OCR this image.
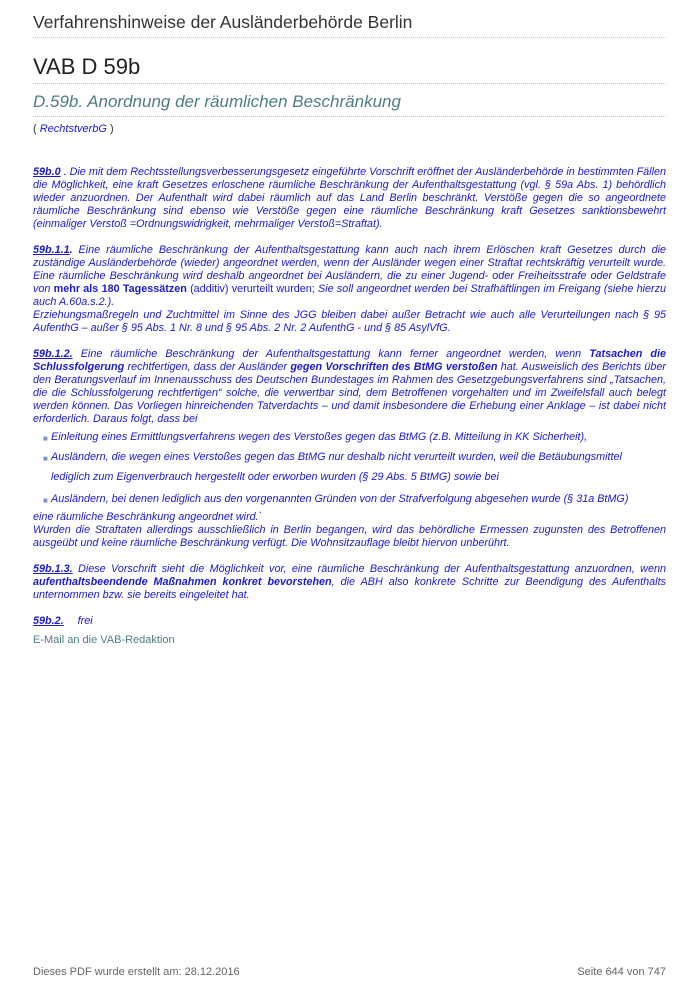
Verfahrenshinweise der Ausländerbehörde Berlin
VAB D 59b
D.59b. Anordnung der räumlichen Beschränkung
( RechtstverbG )

59b.0 . Die mit dem Rechtsstellungsverbesserungsgesetz eingeführte Vorschrift eröffnet der Ausländerbehörde in bestimmten Fällen die Möglichkeit, eine kraft Gesetzes erloschene räumliche Beschränkung der Aufenthaltsgestattung (vgl. § 59a Abs. 1) behördlich wieder anzuordnen. Der Aufenthalt wird dabei räumlich auf das Land Berlin beschränkt. Verstöße gegen die so angeordnete räumliche Beschränkung sind ebenso wie Verstöße gegen eine räumliche Beschränkung kraft Gesetzes sanktionsbewehrt (einmaliger Verstoß =Ordnungswidrigkeit, mehrmaliger Verstoß=Straftat).

59b.1.1. Eine räumliche Beschränkung der Aufenthaltsgestattung kann auch nach ihrem Erlöschen kraft Gesetzes durch die zuständige Ausländerbehörde (wieder) angeordnet werden, wenn der Ausländer wegen einer Straftat rechtskräftig verurteilt wurde. Eine räumliche Beschränkung wird deshalb angeordnet bei Ausländern, die zu einer Jugend- oder Freiheitsstrafe oder Geldstrafe von mehr als 180 Tagessätzen (additiv) verurteilt wurden; Sie soll angeordnet werden bei Strafhäftlingen im Freigang (siehe hierzu auch A.60a.s.2.).

Erziehungsmaßregeln und Zuchtmittel im Sinne des JGG bleiben dabei außer Betracht wie auch alle Verurteilungen nach § 95 AufenthG – außer § 95 Abs. 1 Nr. 8 und § 95 Abs. 2 Nr. 2 AufenthG - und § 85 AsylVfG.

59b.1.2. Eine räumliche Beschränkung der Aufenthaltsgestattung kann ferner angeordnet werden, wenn Tatsachen die Schlussfolgerung rechtfertigen, dass der Ausländer gegen Vorschriften des BtMG verstoßen hat. Ausweislich des Berichts über den Beratungsverlauf im Innenausschuss des Deutschen Bundestages im Rahmen des Gesetzgebungsverfahrens sind „Tatsachen, die die Schlussfolgerung rechtfertigen“ solche, die verwertbar sind, dem Betroffenen vorgehalten und im Zweifelsfall auch belegt werden können. Das Vorliegen hinreichenden Tatverdachts – und damit insbesondere die Erhebung einer Anklage – ist dabei nicht erforderlich. Daraus folgt, dass bei

■ Einleitung eines Ermittlungsverfahrens wegen des Verstoßes gegen das BtMG (z.B. Mitteilung in KK Sicherheit),
■ Ausländern, die wegen eines Verstoßes gegen das BtMG nur deshalb nicht verurteilt wurden, weil die Betäubungsmittel
lediglich zum Eigenverbrauch hergestellt oder erworben wurden (§ 29 Abs. 5 BtMG) sowie bei
■ Ausländern, bei denen lediglich aus den vorgenannten Gründen von der Strafverfolgung abgesehen wurde (§ 31a BtMG)

eine räumliche Beschränkung angeordnet wird.`

Wurden die Straftaten allerdings ausschließlich in Berlin begangen, wird das behördliche Ermessen zugunsten des Betroffenen ausgeübt und keine räumliche Beschränkung verfügt. Die Wohnsitzauflage bleibt hiervon unberührt.

59b.1.3. Diese Vorschrift sieht die Möglichkeit vor, eine räumliche Beschränkung der Aufenthaltsgestattung anzuordnen, wenn aufenthaltsbeendende Maßnahmen konkret bevorstehen, die ABH also konkrete Schritte zur Beendigung des Aufenthalts unternommen bzw. sie bereits eingeleitet hat.

59b.2. frei

E-Mail an die VAB-Redaktion
Dieses PDF wurde erstellt am: 28.12.2016	Seite 644 von 747
